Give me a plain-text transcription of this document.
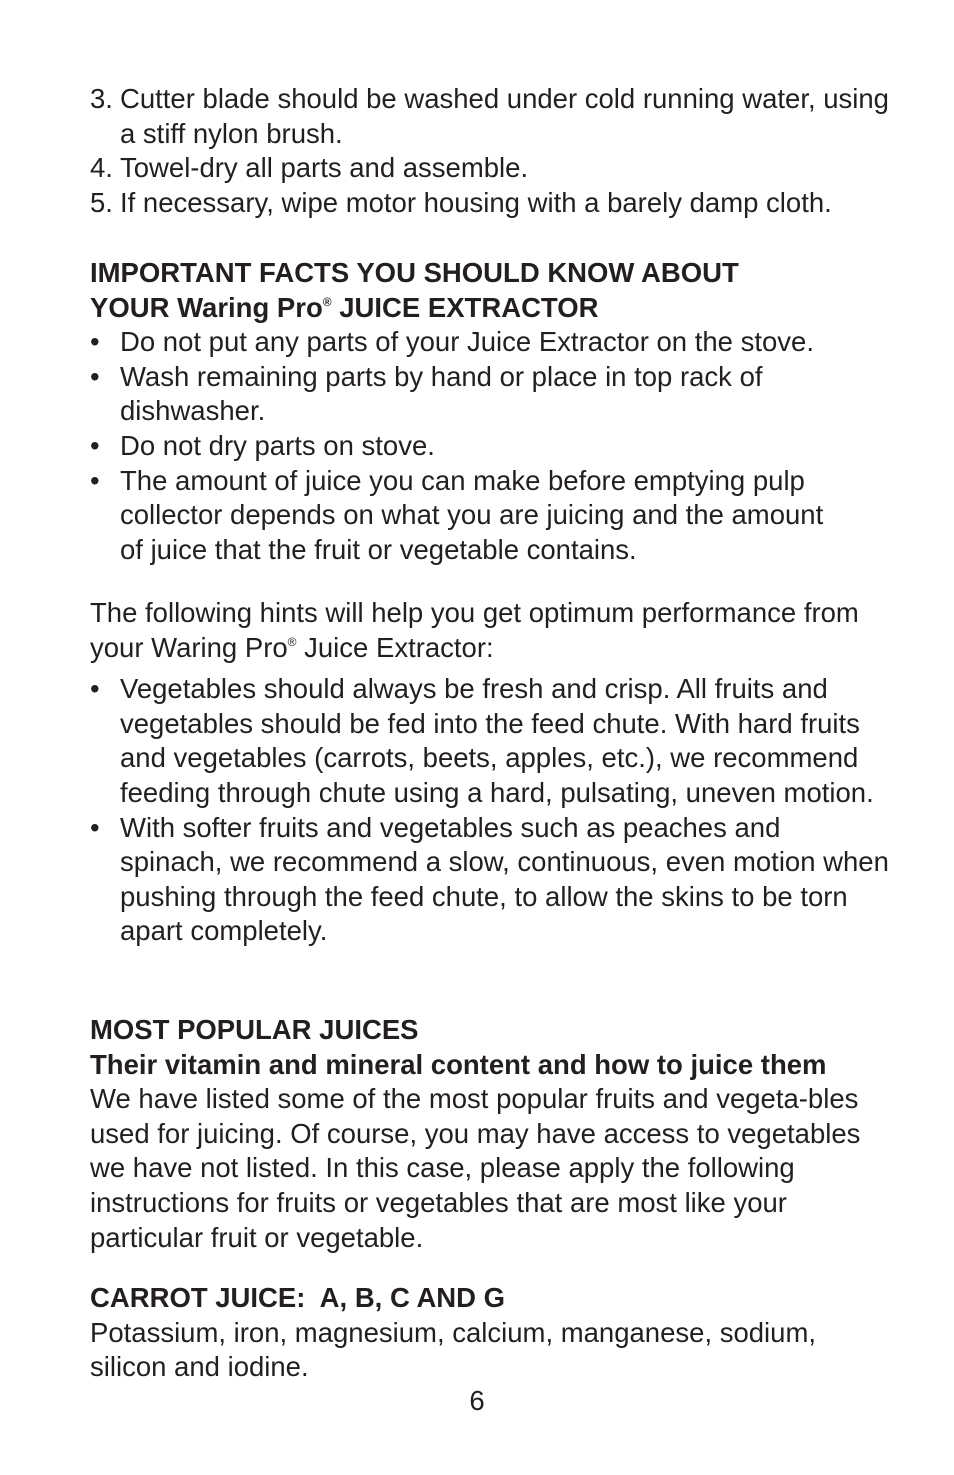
3. Cutter blade should be washed under cold running water, using a stiff nylon brush.
4. Towel-dry all parts and assemble.
5. If necessary, wipe motor housing with a barely damp cloth.

IMPORTANT FACTS YOU SHOULD KNOW ABOUT
YOUR Waring Pro® JUICE EXTRACTOR

• Do not put any parts of your Juice Extractor on the stove.
• Wash remaining parts by hand or place in top rack of dishwasher.
• Do not dry parts on stove.
• The amount of juice you can make before emptying pulp collector depends on what you are juicing and the amount of juice that the fruit or vegetable contains.

The following hints will help you get optimum performance from your Waring Pro® Juice Extractor:

• Vegetables should always be fresh and crisp. All fruits and vegetables should be fed into the feed chute. With hard fruits and vegetables (carrots, beets, apples, etc.), we recommend feeding through chute using a hard, pulsating, uneven motion.
• With softer fruits and vegetables such as peaches and spinach, we recommend a slow, continuous, even motion when pushing through the feed chute, to allow the skins to be torn apart completely.

MOST POPULAR JUICES

Their vitamin and mineral content and how to juice them

We have listed some of the most popular fruits and vegeta-bles used for juicing. Of course, you may have access to vegetables we have not listed. In this case, please apply the following instructions for fruits or vegetables that are most like your particular fruit or vegetable.

CARROT JUICE:  A, B, C AND G

Potassium, iron, magnesium, calcium, manganese, sodium, silicon and iodine.

6
